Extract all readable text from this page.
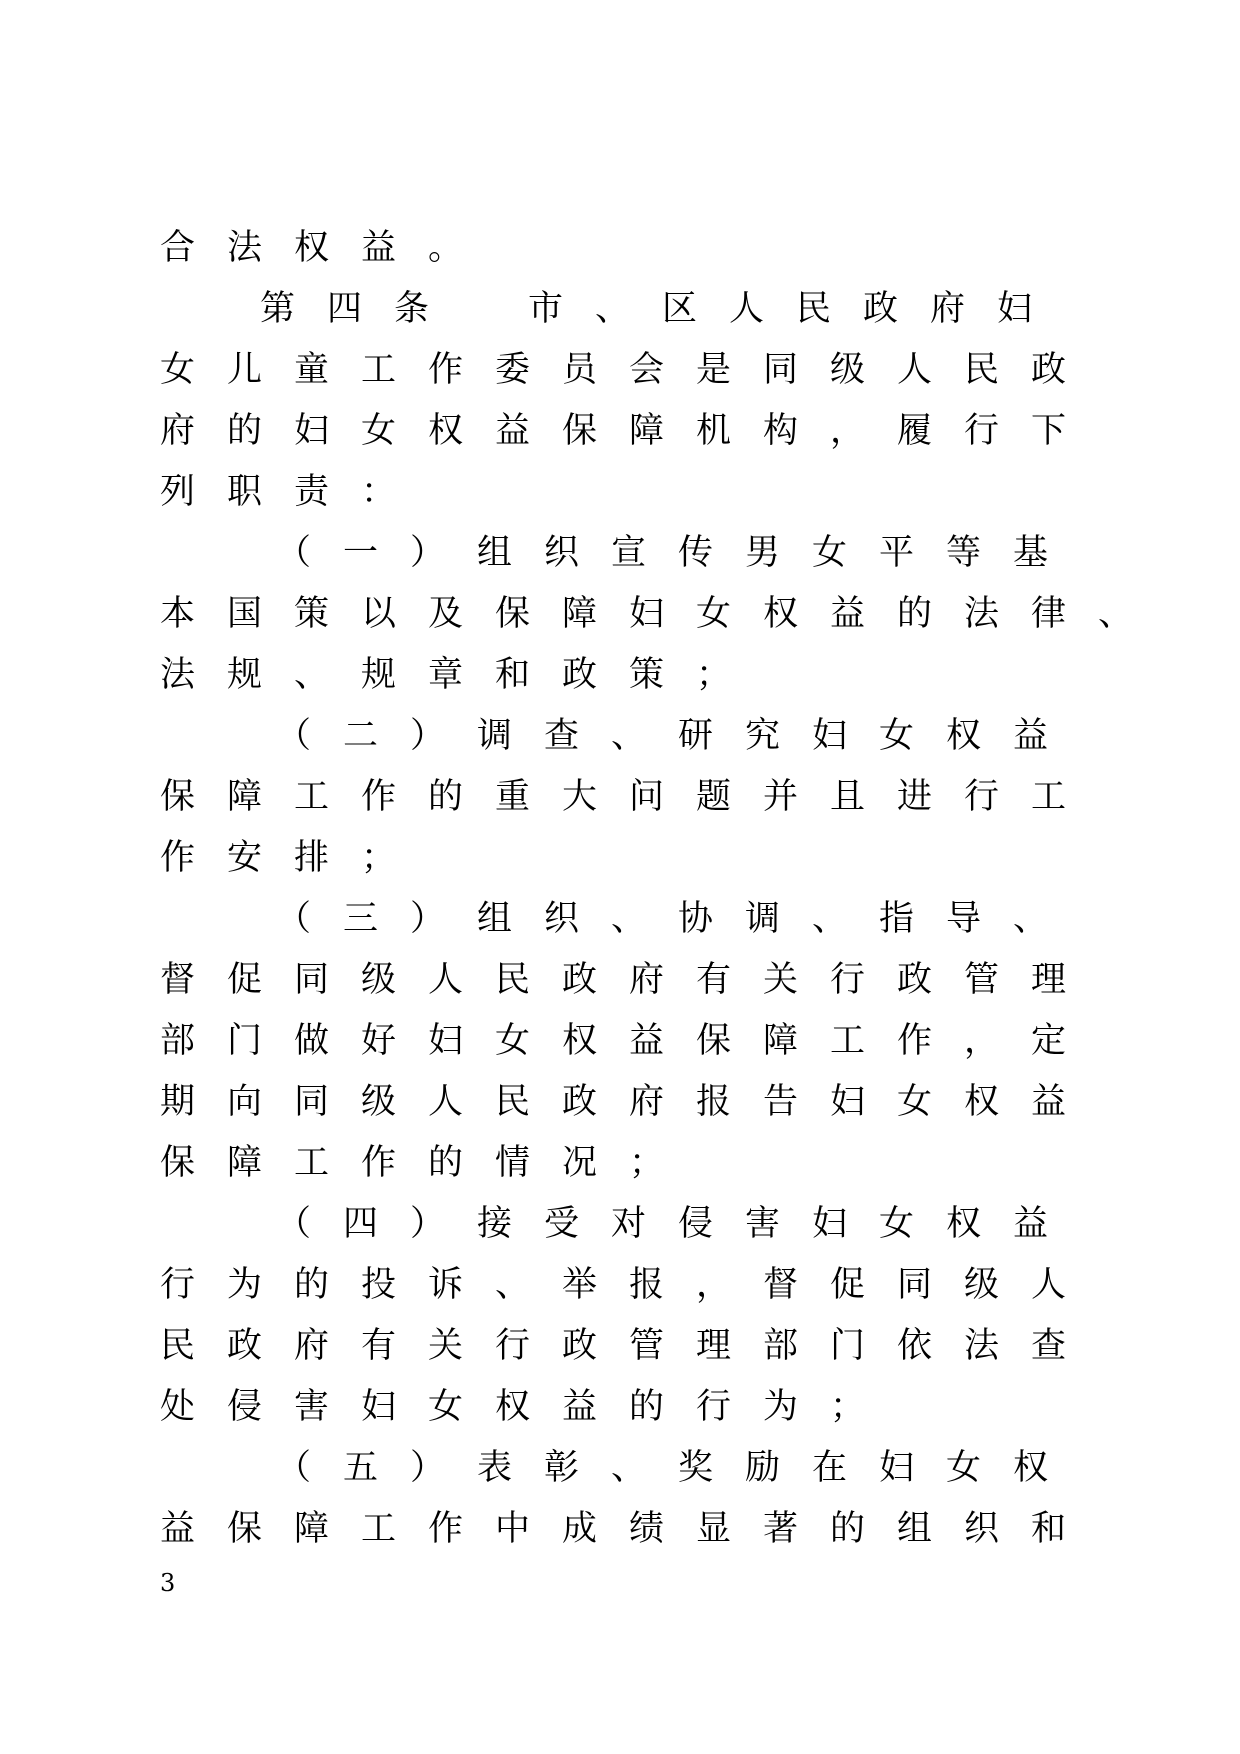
合法权益。
第四条　市、区人民政府妇
女儿童工作委员会是同级人民政
府的妇女权益保障机构，履行下
列职责：
（一）组织宣传男女平等基
本国策以及保障妇女权益的法律、
法规、规章和政策；
（二）调查、研究妇女权益
保障工作的重大问题并且进行工
作安排；
（三）组织、协调、指导、
督促同级人民政府有关行政管理
部门做好妇女权益保障工作，定
期向同级人民政府报告妇女权益
保障工作的情况；
（四）接受对侵害妇女权益
行为的投诉、举报，督促同级人
民政府有关行政管理部门依法查
处侵害妇女权益的行为；
（五）表彰、奖励在妇女权
益保障工作中成绩显著的组织和
3
